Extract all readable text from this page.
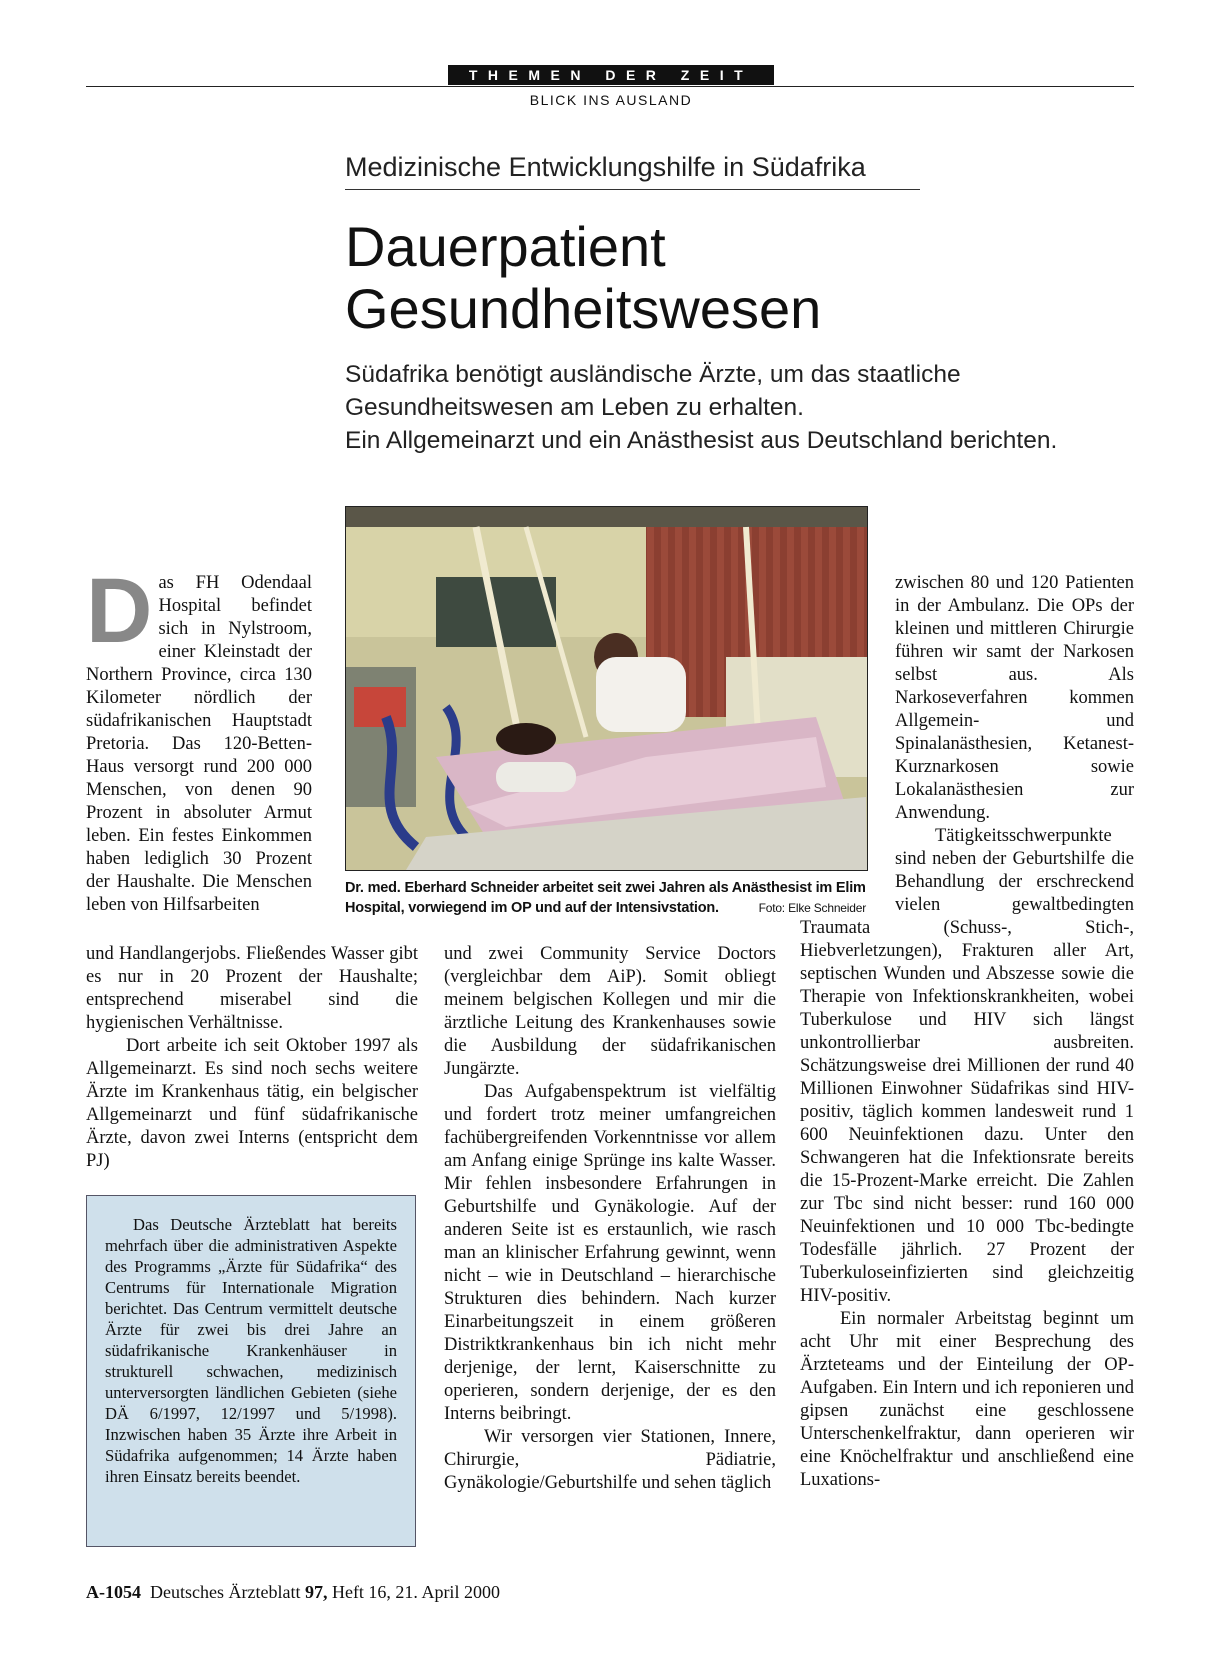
THEMEN DER ZEIT
BLICK INS AUSLAND
Medizinische Entwicklungshilfe in Südafrika
Dauerpatient
Gesundheitswesen
Südafrika benötigt ausländische Ärzte, um das staatliche
Gesundheitswesen am Leben zu erhalten.
Ein Allgemeinarzt und ein Anästhesist aus Deutschland berichten.
Das FH Odendaal Hospital befindet sich in Nylstroom, einer Kleinstadt der Northern Province, circa 130 Kilometer nördlich der südafrikanischen Hauptstadt Pretoria. Das 120-Betten-Haus versorgt rund 200 000 Menschen, von denen 90 Prozent in absoluter Armut leben. Ein festes Einkommen haben lediglich 30 Prozent der Haushalte. Die Menschen leben von Hilfsarbeiten

und Handlangerjobs. Fließendes Wasser gibt es nur in 20 Prozent der Haushalte; entsprechend miserabel sind die hygienischen Verhältnisse.

Dort arbeite ich seit Oktober 1997 als Allgemeinarzt. Es sind noch sechs weitere Ärzte im Krankenhaus tätig, ein belgischer Allgemeinarzt und fünf südafrikanische Ärzte, davon zwei Interns (entspricht dem PJ)

Dr. med. Eberhard Schneider arbeitet seit zwei Jahren als Anästhesist im Elim Hospital, vorwiegend im OP und auf der Intensivstation.	Foto: Elke Schneider

und zwei Community Service Doctors (vergleichbar dem AiP). Somit obliegt meinem belgischen Kollegen und mir die ärztliche Leitung des Krankenhauses sowie die Ausbildung der südafrikanischen Jungärzte.

Das Aufgabenspektrum ist vielfältig und fordert trotz meiner umfangreichen fachübergreifenden Vorkenntnisse vor allem am Anfang einige Sprünge ins kalte Wasser. Mir fehlen insbesondere Erfahrungen in Geburtshilfe und Gynäkologie. Auf der anderen Seite ist es erstaunlich, wie rasch man an klinischer Erfahrung gewinnt, wenn nicht – wie in Deutschland – hierarchische Strukturen dies behindern. Nach kurzer Einarbeitungszeit in einem größeren Distriktkrankenhaus bin ich nicht mehr derjenige, der lernt, Kaiserschnitte zu operieren, sondern derjenige, der es den Interns beibringt.

Wir versorgen vier Stationen, Innere, Chirurgie, Pädiatrie, Gynäkologie/Geburtshilfe und sehen täglich

zwischen 80 und 120 Patienten in der Ambulanz. Die OPs der kleinen und mittleren Chirurgie führen wir samt der Narkosen selbst aus. Als Narkoseverfahren kommen Allgemein- und Spinalanästhesien, Ketanest-Kurznarkosen sowie Lokalanästhesien zur Anwendung.

Tätigkeitsschwerpunkte sind neben der Geburtshilfe die Behandlung der erschreckend vielen gewaltbedingten Traumata (Schuss-, Stich-, Hiebverletzungen), Frakturen aller Art, septischen Wunden und Abszesse sowie die Therapie von Infektionskrankheiten, wobei Tuberkulose und HIV sich längst unkontrollierbar ausbreiten. Schätzungsweise drei Millionen der rund 40 Millionen Einwohner Südafrikas sind HIV-positiv, täglich kommen landesweit rund 1 600 Neuinfektionen dazu. Unter den Schwangeren hat die Infektionsrate bereits die 15-Prozent-Marke erreicht. Die Zahlen zur Tbc sind nicht besser: rund 160 000 Neuinfektionen und 10 000 Tbc-bedingte Todesfälle jährlich. 27 Prozent der Tuberkuloseinfizierten sind gleichzeitig HIV-positiv.

Ein normaler Arbeitstag beginnt um acht Uhr mit einer Besprechung des Ärzteteams und der Einteilung der OP-Aufgaben. Ein Intern und ich reponieren und gipsen zunächst eine geschlossene Unterschenkelfraktur, dann operieren wir eine Knöchelfraktur und anschließend eine Luxations-

Das Deutsche Ärzteblatt hat bereits mehrfach über die administrativen Aspekte des Programms „Ärzte für Südafrika“ des Centrums für Internationale Migration berichtet. Das Centrum vermittelt deutsche Ärzte für zwei bis drei Jahre an südafrikanische Krankenhäuser in strukturell schwachen, medizinisch unterversorgten ländlichen Gebieten (siehe DÄ 6/1997, 12/1997 und 5/1998). Inzwischen haben 35 Ärzte ihre Arbeit in Südafrika aufgenommen; 14 Ärzte haben ihren Einsatz bereits beendet.

A-1054 Deutsches Ärzteblatt 97, Heft 16, 21. April 2000
